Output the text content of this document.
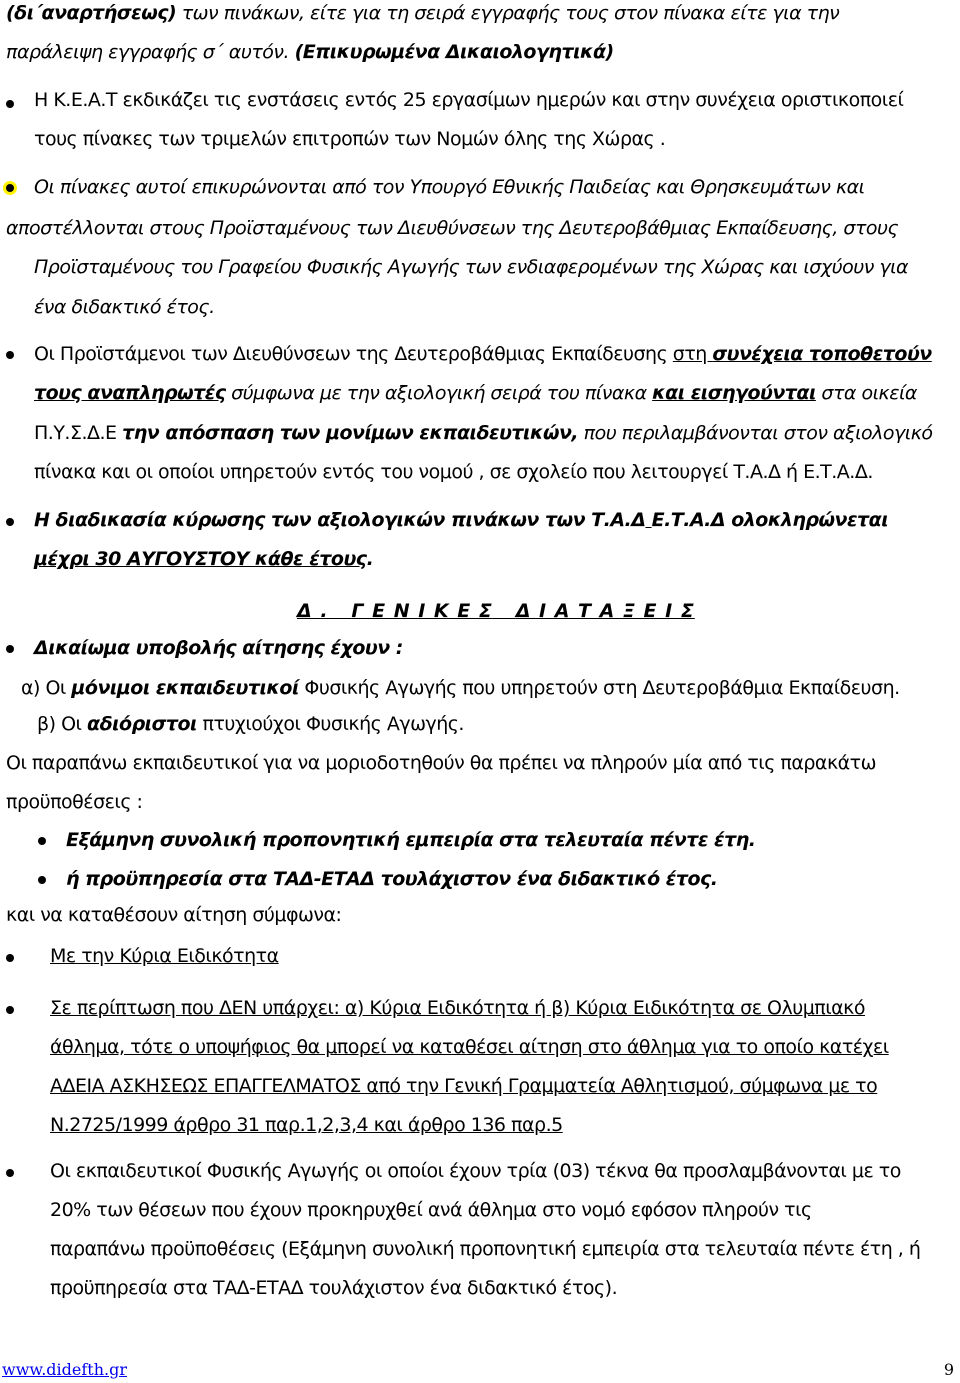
(δι΄αναρτήσεως) των πινάκων, είτε για τη σειρά εγγραφής τους στον πίνακα είτε για την
παράλειψη εγγραφής σ΄ αυτόν. (Επικυρωμένα Δικαιολογητικά)
Η Κ.Ε.Α.Τ εκδικάζει τις ενστάσεις εντός 25 εργασίμων ημερών και στην συνέχεια οριστικοποιεί
τους πίνακες των τριμελών επιτροπών των Νομών όλης της Χώρας .
Οι πίνακες αυτοί επικυρώνονται από τον Υπουργό Εθνικής Παιδείας και Θρησκευμάτων και
αποστέλλονται στους Προϊσταμένους των Διευθύνσεων της Δευτεροβάθμιας Εκπαίδευσης, στους
Προϊσταμένους του Γραφείου Φυσικής Αγωγής των ενδιαφερομένων της Χώρας και ισχύουν για
ένα διδακτικό έτος.
Οι Προϊστάμενοι των Διευθύνσεων της Δευτεροβάθμιας Εκπαίδευσης στη συνέχεια τοποθετούν
τους αναπληρωτές σύμφωνα με την αξιολογική σειρά του πίνακα και εισηγούνται στα οικεία
Π.Υ.Σ.Δ.Ε την απόσπαση των μονίμων εκπαιδευτικών, που περιλαμβάνονται στον αξιολογικό
πίνακα και οι οποίοι υπηρετούν εντός του νομού , σε σχολείο που λειτουργεί Τ.Α.Δ ή Ε.Τ.Α.Δ.
Η διαδικασία κύρωσης των αξιολογικών πινάκων των Τ.Α.Δ Ε.Τ.Α.Δ ολοκληρώνεται
μέχρι 30 ΑΥΓΟΥΣΤΟΥ κάθε έτους.
Δ . Γ Ε Ν Ι Κ Ε Σ Δ Ι Α Τ Α Ξ Ε Ι Σ
Δικαίωμα υποβολής αίτησης έχουν :
α) Οι μόνιμοι εκπαιδευτικοί Φυσικής Αγωγής που υπηρετούν στη Δευτεροβάθμια Εκπαίδευση.
β) Οι αδιόριστοι πτυχιούχοι Φυσικής Αγωγής.
Οι παραπάνω εκπαιδευτικοί για να μοριοδοτηθούν θα πρέπει να πληρούν μία από τις παρακάτω
προϋποθέσεις :
Εξάμηνη συνολική προπονητική εμπειρία στα τελευταία πέντε έτη.
ή προϋπηρεσία στα ΤΑΔ-ΕΤΑΔ τουλάχιστον ένα διδακτικό έτος.
και να καταθέσουν αίτηση σύμφωνα:
Με την Κύρια Ειδικότητα
Σε περίπτωση που ΔΕΝ υπάρχει: α) Κύρια Ειδικότητα ή β) Κύρια Ειδικότητα σε Ολυμπιακό
άθλημα, τότε ο υποψήφιος θα μπορεί να καταθέσει αίτηση στο άθλημα για το οποίο κατέχει
ΑΔΕΙΑ ΑΣΚΗΣΕΩΣ ΕΠΑΓΓΕΛΜΑΤΟΣ από την Γενική Γραμματεία Αθλητισμού, σύμφωνα με το
Ν.2725/1999 άρθρο 31 παρ.1,2,3,4 και άρθρο 136 παρ.5
Οι εκπαιδευτικοί Φυσικής Αγωγής οι οποίοι έχουν τρία (03) τέκνα θα προσλαμβάνονται με το
20% των θέσεων που έχουν προκηρυχθεί ανά άθλημα στο νομό εφόσον πληρούν τις
παραπάνω προϋποθέσεις (Εξάμηνη συνολική προπονητική εμπειρία στα τελευταία πέντε έτη , ή
προϋπηρεσία στα ΤΑΔ-ΕΤΑΔ τουλάχιστον ένα διδακτικό έτος).
www.didefth.gr	9
